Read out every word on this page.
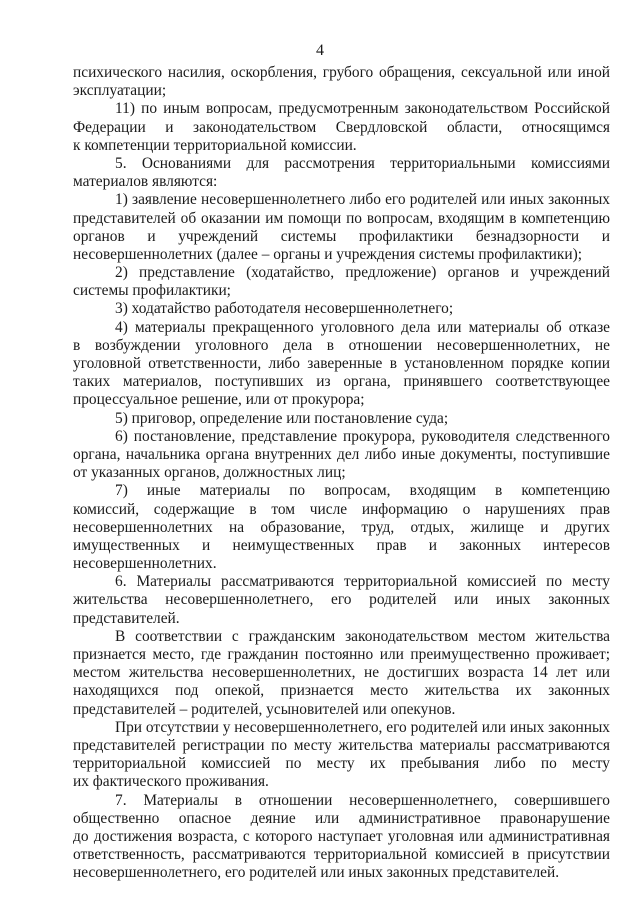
4
психического насилия, оскорбления, грубого обращения, сексуальной или иной
эксплуатации;
11) по иным вопросам, предусмотренным законодательством Российской
Федерации и законодательством Свердловской области, относящимся
к компетенции территориальной комиссии.
5. Основаниями для рассмотрения территориальными комиссиями
материалов являются:
1) заявление несовершеннолетнего либо его родителей или иных законных
представителей об оказании им помощи по вопросам, входящим в компетенцию
органов и учреждений системы профилактики безнадзорности и
несовершеннолетних (далее – органы и учреждения системы профилактики);
2) представление (ходатайство, предложение) органов и учреждений
системы профилактики;
3) ходатайство работодателя несовершеннолетнего;
4) материалы прекращенного уголовного дела или материалы об отказе
в возбуждении уголовного дела в отношении несовершеннолетних, не
уголовной ответственности, либо заверенные в установленном порядке копии
таких материалов, поступивших из органа, принявшего соответствующее
процессуальное решение, или от прокурора;
5) приговор, определение или постановление суда;
6) постановление, представление прокурора, руководителя следственного
органа, начальника органа внутренних дел либо иные документы, поступившие
от указанных органов, должностных лиц;
7) иные материалы по вопросам, входящим в компетенцию
комиссий, содержащие в том числе информацию о нарушениях прав
несовершеннолетних на образование, труд, отдых, жилище и других
имущественных и неимущественных прав и законных интересов
несовершеннолетних.
6. Материалы рассматриваются территориальной комиссией по месту
жительства несовершеннолетнего, его родителей или иных законных
представителей.
В соответствии с гражданским законодательством местом жительства
признается место, где гражданин постоянно или преимущественно проживает;
местом жительства несовершеннолетних, не достигших возраста 14 лет или
находящихся под опекой, признается место жительства их законных
представителей – родителей, усыновителей или опекунов.
При отсутствии у несовершеннолетнего, его родителей или иных законных
представителей регистрации по месту жительства материалы рассматриваются
территориальной комиссией по месту их пребывания либо по месту
их фактического проживания.
7. Материалы в отношении несовершеннолетнего, совершившего
общественно опасное деяние или административное правонарушение
до достижения возраста, с которого наступает уголовная или административная
ответственность, рассматриваются территориальной комиссией в присутствии
несовершеннолетнего, его родителей или иных законных представителей.
